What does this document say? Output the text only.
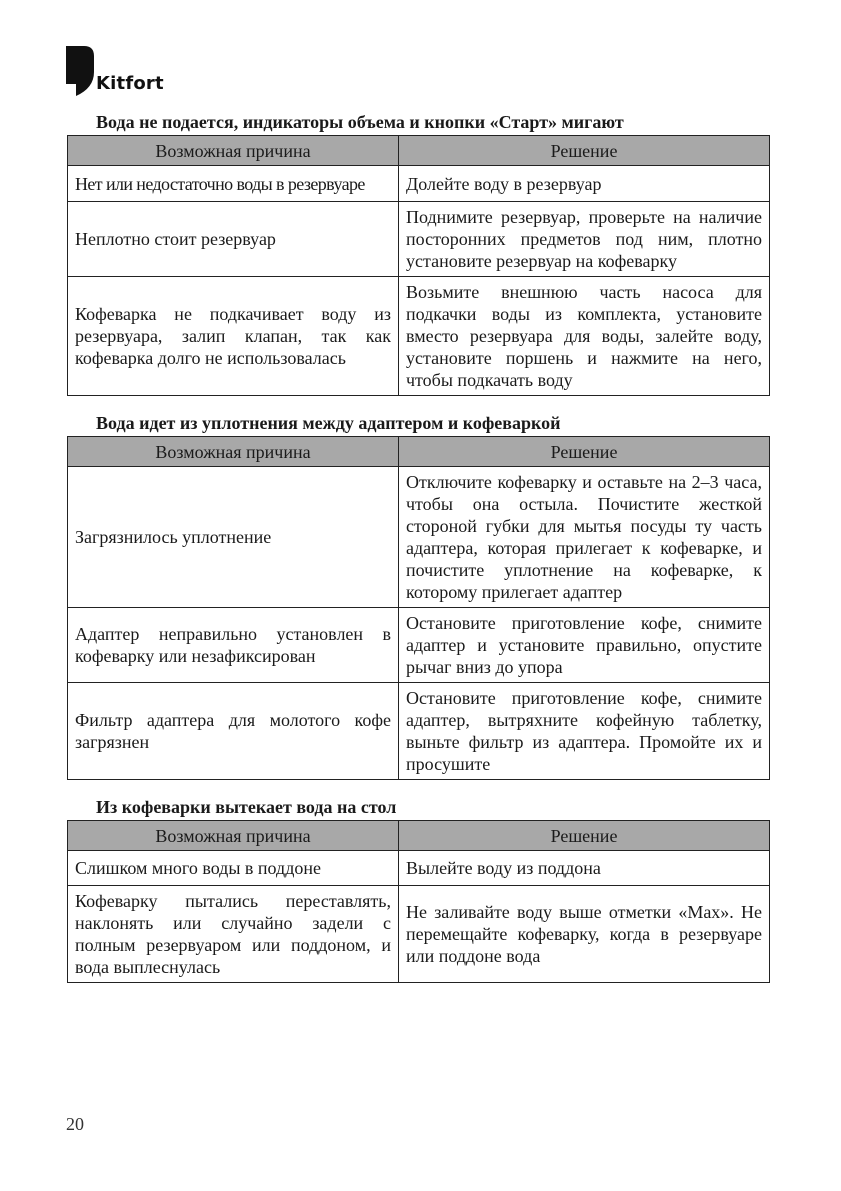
Kitfort
Вода не подается, индикаторы объема и кнопки «Старт» мигают
Возможная причина	Решение
Нет или недостаточно воды в резервуаре	Долейте воду в резервуар
Неплотно стоит резервуар	Поднимите резервуар, проверьте на наличие посторонних предметов под ним, плотно установите резервуар на кофеварку
Кофеварка не подкачивает воду из резервуара, залип клапан, так как кофеварка долго не использовалась	Возьмите внешнюю часть насоса для подкачки воды из комплекта, установите вместо резервуара для воды, залейте воду, установите поршень и нажмите на него, чтобы подкачать воду
Вода идет из уплотнения между адаптером и кофеваркой
Возможная причина	Решение
Загрязнилось уплотнение	Отключите кофеварку и оставьте на 2–3 часа, чтобы она остыла. Почистите жесткой стороной губки для мытья посуды ту часть адаптера, которая прилегает к кофеварке, и почистите уплотнение на кофеварке, к которому прилегает адаптер
Адаптер неправильно установлен в кофеварку или незафиксирован	Остановите приготовление кофе, снимите адаптер и установите правильно, опустите рычаг вниз до упора
Фильтр адаптера для молотого кофе загрязнен	Остановите приготовление кофе, снимите адаптер, вытряхните кофейную таблетку, выньте фильтр из адаптера. Промойте их и просушите
Из кофеварки вытекает вода на стол
Возможная причина	Решение
Слишком много воды в поддоне	Вылейте воду из поддона
Кофеварку пытались переставлять, наклонять или случайно задели с полным резервуаром или поддоном, и вода выплеснулась	Не заливайте воду выше отметки «Max». Не перемещайте кофеварку, когда в резервуаре или поддоне вода
20
